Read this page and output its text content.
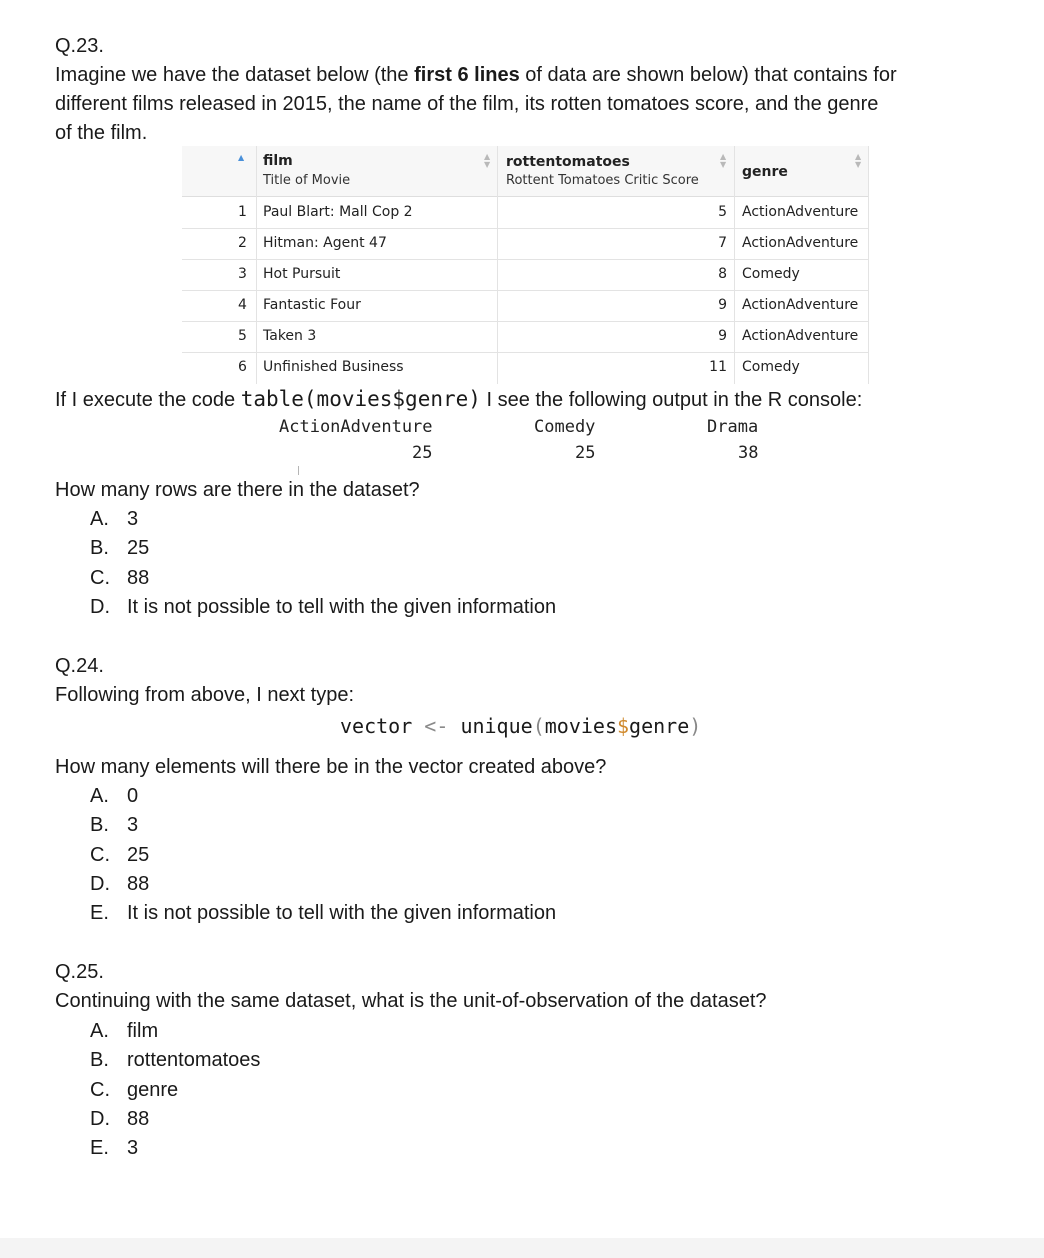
Q.23.
Imagine we have the dataset below (the first 6 lines of data are shown below) that contains for
different films released in 2015, the name of the film, its rotten tomatoes score, and the genre
of the film.
▲ film
Title of Movie
▲
▼ rottentomatoes
Rottent Tomatoes Critic Score
▲
▼ genre
▲
▼
1 Paul Blart: Mall Cop 2	5 ActionAdventure
2 Hitman: Agent 47	7 ActionAdventure
3 Hot Pursuit	8 Comedy
4 Fantastic Four	9 ActionAdventure
5 Taken 3	9 ActionAdventure
6 Unfinished Business	11 Comedy
If I execute the code table(movies$genre) I see the following output in the R console:
ActionAdventure	Comedy	Drama
25	25	38
How many rows are there in the dataset?
A. 3
B. 25
C. 88
D. It is not possible to tell with the given information
Q.24.
Following from above, I next type:
vector <- unique(movies$genre)
How many elements will there be in the vector created above?
A. 0
B. 3
C. 25
D. 88
E. It is not possible to tell with the given information
Q.25.
Continuing with the same dataset, what is the unit-of-observation of the dataset?
A. film
B. rottentomatoes
C. genre
D. 88
E. 3
